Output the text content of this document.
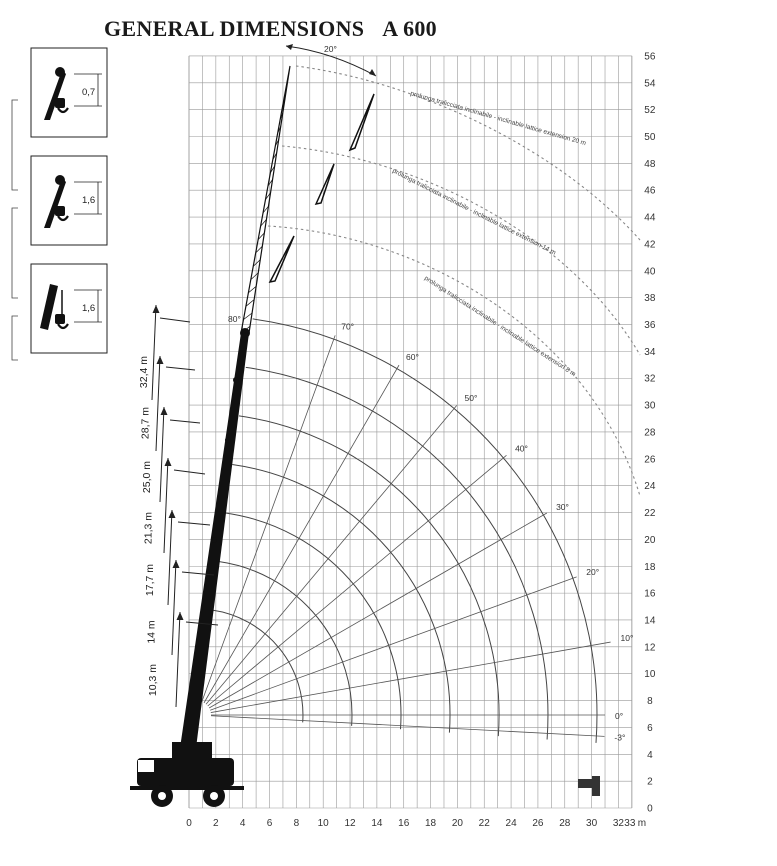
GENERAL DIMENSIONS A 600
0 2 4 6 8 10 12 14 16 18 20 22 24 26 28 30 32 33 m
0
2
4
6
8
10
12
14
16
18
20
22
24
26
28
30
32
34
36
38
40
42
44
46
48
50
52
54
56
70°
60°
50°
40°
30°
20°
10°
0°
-3°
80°
prolunga tralicciata inclinabile - inclinable lattice extension 20 m
prolunga tralicciata inclinabile - inclinable lattice extension 14 m
prolunga tralicciata inclinabile - inclinable lattice extension 8 m
20°
10,3 m
14 m
17,7 m
21,3 m
25,0 m
28,7 m
32,4 m
0,7
1,6
1,6
